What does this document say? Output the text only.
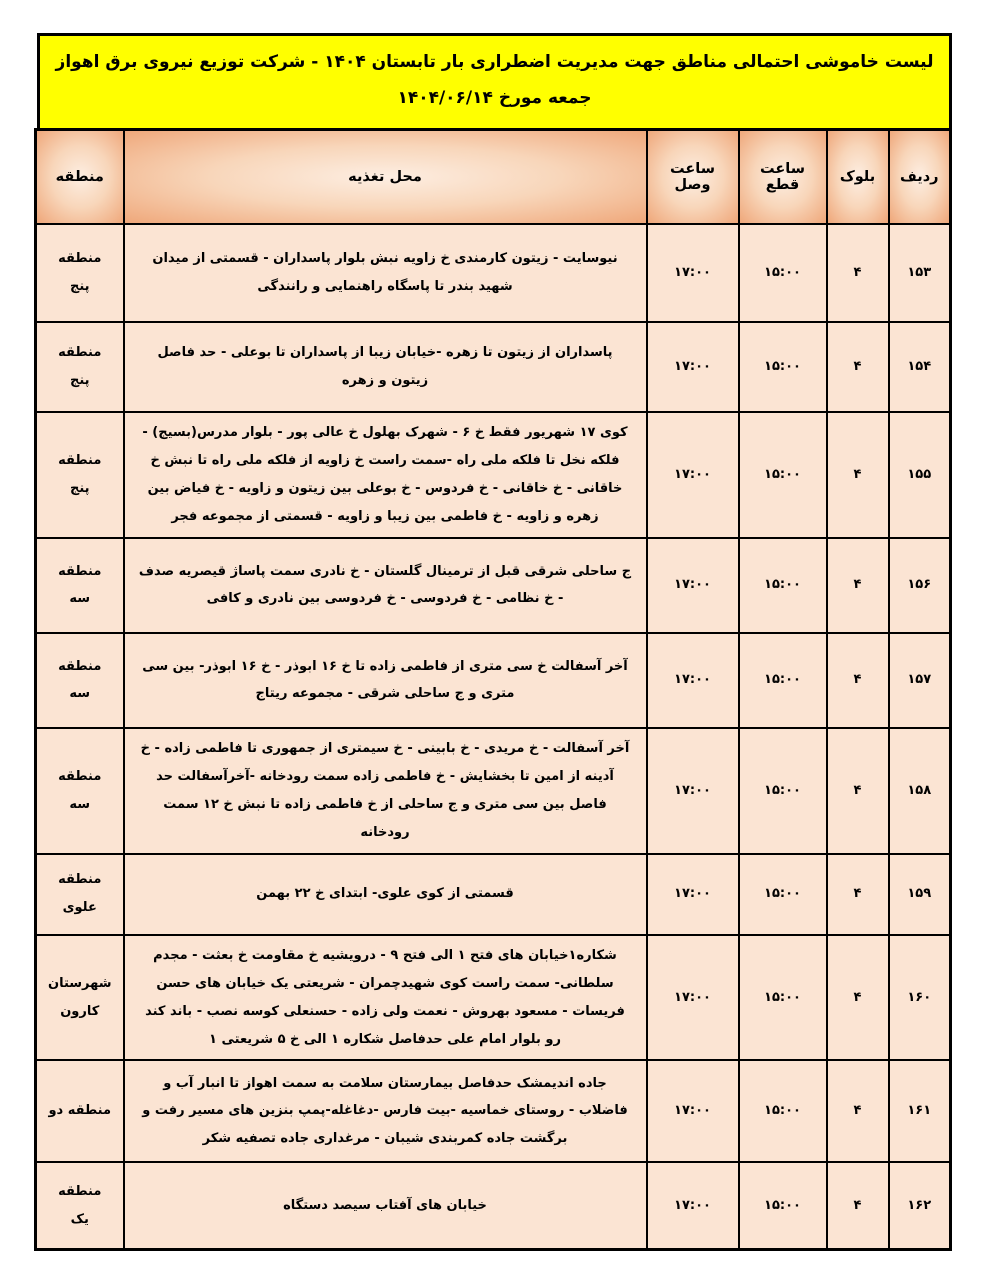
لیست خاموشی احتمالی مناطق جهت مدیریت اضطراری بار تابستان ۱۴۰۴ - شرکت توزیع نیروی برق اهواز
جمعه مورخ ۱۴۰۴/۰۶/۱۴
ردیف	بلوک	ساعت قطع	ساعت وصل	محل تغذیه	منطقه
۱۵۳	۴	۱۵:۰۰	۱۷:۰۰	نیوسایت - زیتون کارمندی خ زاویه نبش بلوار پاسداران - قسمتی از میدان شهید بندر تا پاسگاه راهنمایی و رانندگی	منطقه پنج
۱۵۴	۴	۱۵:۰۰	۱۷:۰۰	پاسداران از زیتون تا زهره -خیابان زیبا از پاسداران تا بوعلی - حد فاصل زیتون و زهره	منطقه پنج
۱۵۵	۴	۱۵:۰۰	۱۷:۰۰	کوی ۱۷ شهریور فقط خ ۶ - شهرک بهلول خ عالی پور - بلوار مدرس(بسیج) - فلکه نخل تا فلکه ملی راه -سمت راست خ زاویه از فلکه ملی راه تا نبش خ خاقانی - خ خاقانی - خ فردوس - خ بوعلی بین زیتون و زاویه - خ فیاض بین زهره و زاویه - خ فاطمی بین زیبا و زاویه - قسمتی از مجموعه فجر	منطقه پنج
۱۵۶	۴	۱۵:۰۰	۱۷:۰۰	ج ساحلی شرقی قبل از ترمینال گلستان - خ نادری سمت پاساژ قیصریه صدف - خ نظامی - خ فردوسی - خ فردوسی بین نادری و کافی	منطقه سه
۱۵۷	۴	۱۵:۰۰	۱۷:۰۰	آخر آسفالت خ سی متری از فاطمی زاده تا خ ۱۶ ابوذر - خ ۱۶ ابوذر- بین سی متری و ج ساحلی شرقی - مجموعه ریتاج	منطقه سه
۱۵۸	۴	۱۵:۰۰	۱۷:۰۰	آخر آسفالت - خ مریدی - خ بابینی - خ سیمتری از جمهوری تا فاطمی زاده - خ آدینه از امین تا بخشایش - خ فاطمی زاده سمت رودخانه -آخرآسفالت حد فاصل بین سی متری و ج ساحلی از خ فاطمی زاده تا نبش خ ۱۲ سمت رودخانه	منطقه سه
۱۵۹	۴	۱۵:۰۰	۱۷:۰۰	قسمتی از کوی علوی- ابتدای خ ۲۲ بهمن	منطقه علوی
۱۶۰	۴	۱۵:۰۰	۱۷:۰۰	شکاره۱خیابان های فتح ۱ الی فتح ۹ - درویشیه خ مقاومت خ بعثت - مجدم سلطانی- سمت راست کوی شهیدچمران - شریعتی یک خیابان های حسن فریسات - مسعود بهروش - نعمت ولی زاده - حسنعلی کوسه نصب - باند کند رو بلوار امام علی حدفاصل شکاره ۱ الی خ ۵ شریعتی ۱	شهرستان کارون
۱۶۱	۴	۱۵:۰۰	۱۷:۰۰	جاده اندیمشک حدفاصل بیمارستان سلامت به سمت اهواز تا انبار آب و فاضلاب - روستای خماسیه -بیت فارس -دغاغله-پمپ بنزین های مسیر رفت و برگشت جاده کمربندی شیبان - مرغداری جاده تصفیه شکر	منطقه دو
۱۶۲	۴	۱۵:۰۰	۱۷:۰۰	خیابان های آفتاب سیصد دستگاه	منطقه یک
